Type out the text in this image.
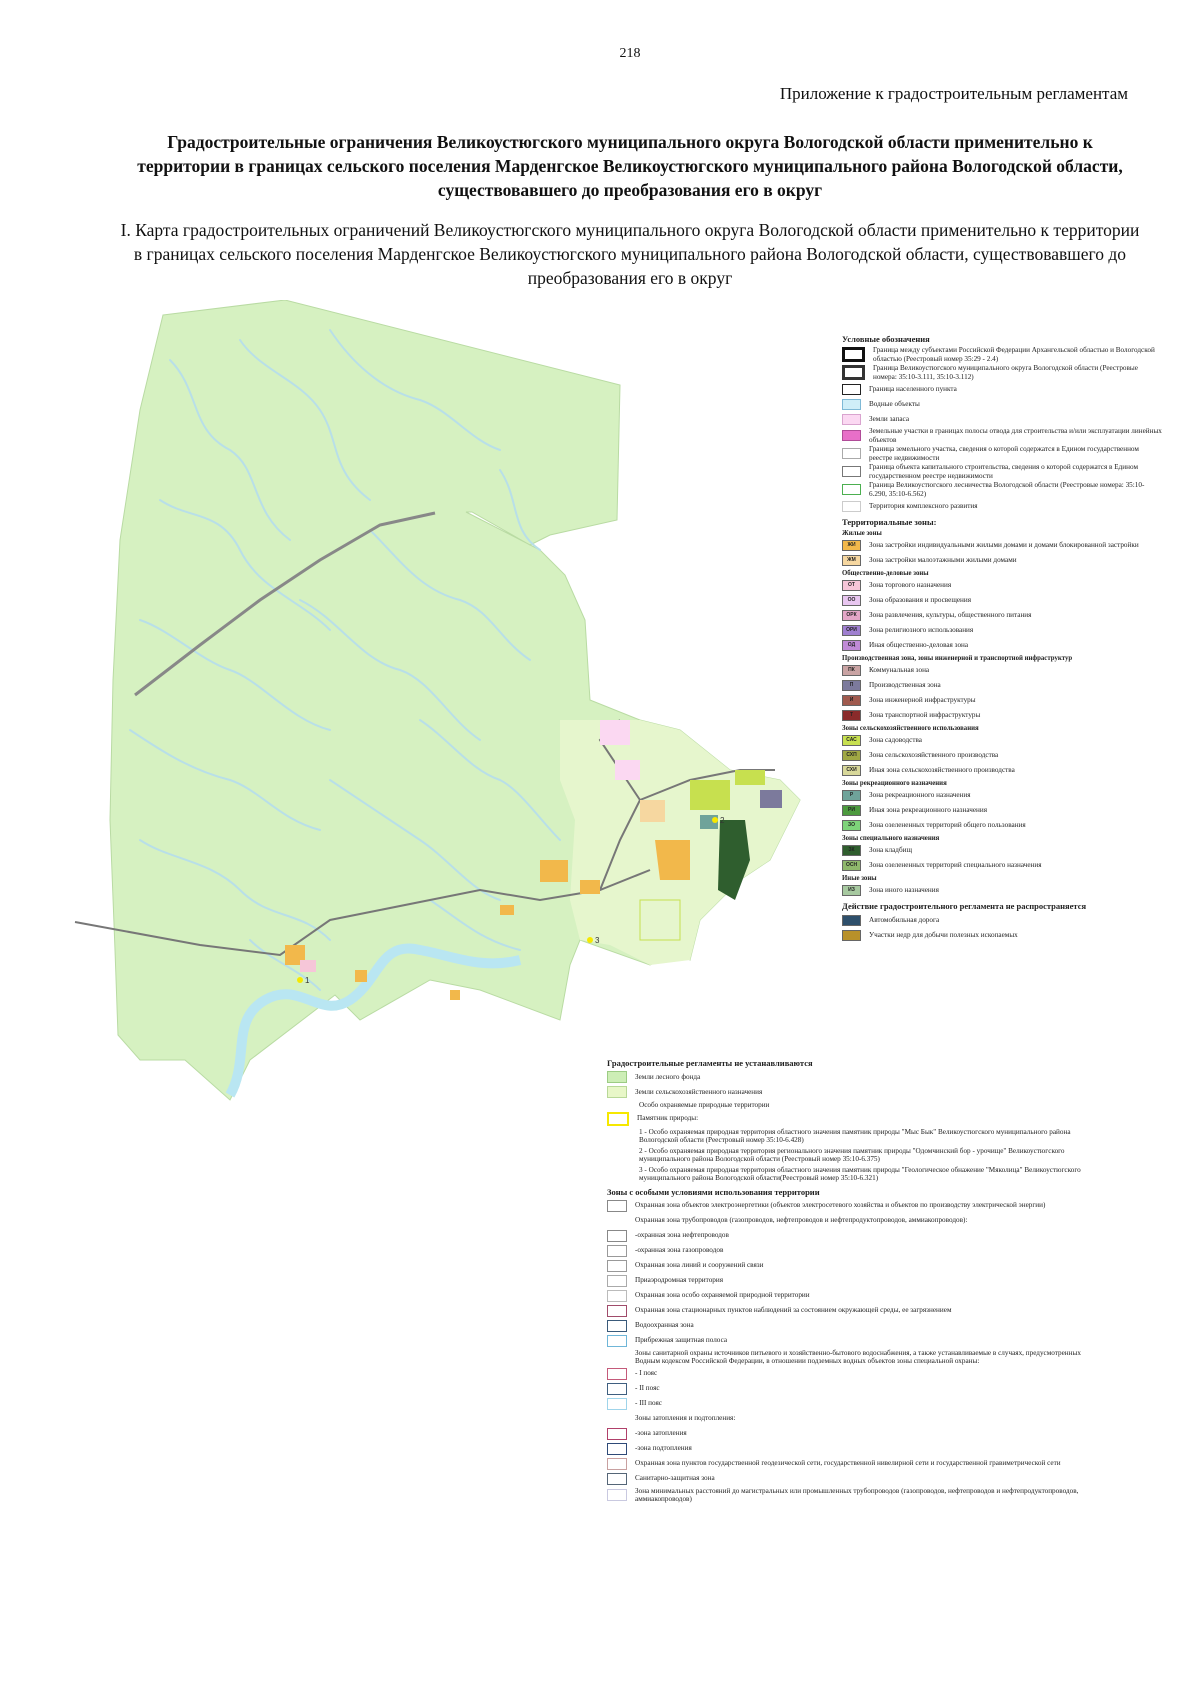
218
Приложение к градостроительным регламентам
Градостроительные ограничения Великоустюгского муниципального округа Вологодской области применительно к территории в границах сельского поселения Марденгское Великоустюгского муниципального района Вологодской области, существовавшего до преобразования его в округ
I. Карта градостроительных ограничений Великоустюгского муниципального округа Вологодской области применительно к территории в границах сельского поселения Марденгское Великоустюгского муниципального района Вологодской области, существовавшего до преобразования его в округ
1
2
3
Условные обозначения
Граница между субъектами Российской Федерации Архангельской областью и Вологодской областью (Реестровый номер 35:29 - 2.4)
Граница Великоустюгского муниципального округа Вологодской области (Реестровые номера: 35:10-3.111, 35:10-3.112)
Граница населенного пункта
Водные объекты
Земли запаса
Земельные участки в границах полосы отвода для строительства и/или эксплуатации линейных объектов
Граница земельного участка, сведения о которой содержатся в Едином государственном реестре недвижимости
Граница объекта капитального строительства, сведения о которой содержатся в Едином государственном реестре недвижимости
Граница Великоустюгского лесничества Вологодской области (Реестровые номера: 35:10-6.290, 35:10-6.562)
Территория комплексного развития
Территориальные зоны:
Жилые зоны
ЖИ	Зона застройки индивидуальными жилыми домами и домами блокированной застройки
ЖМ	Зона застройки малоэтажными жилыми домами
Общественно-деловые зоны
ОТ	Зона торгового назначения
ОО	Зона образования и просвещения
ОРК	Зона развлечения, культуры, общественного питания
ОРИ	Зона религиозного использования
ОД	Иная общественно-деловая зона
Производственная зона, зоны инженерной и транспортной инфраструктур
ПК	Коммунальная зона
П	Производственная зона
И	Зона инженерной инфраструктуры
Т	Зона транспортной инфраструктуры
Зоны сельскохозяйственного использования
САС	Зона садоводства
СХП	Зона сельскохозяйственного производства
СХИ	Иная зона сельскохозяйственного производства
Зоны рекреационного назначения
Р	Зона рекреационного назначения
РИ	Иная зона рекреационного назначения
ЗО	Зона озелененных территорий общего пользования
Зоны специального назначения
ЗК	Зона кладбищ
ОСН	Зона озелененных территорий специального назначения
Иные зоны
ИЗ	Зона иного назначения
Действие градостроительного регламента не распространяется
Автомобильная дорога
Участки недр для добычи полезных ископаемых
Градостроительные регламенты не устанавливаются
Земли лесного фонда
Земли сельскохозяйственного назначения
Особо охраняемые природные территории
Памятник природы:
1 - Особо охраняемая природная территория областного значения памятник природы "Мыс Бык" Великоустюгского муниципального района Вологодской области (Реестровый номер 35:10-6.428)
2 - Особо охраняемая природная территория регионального значения памятник природы "Одомчинский бор - урочище" Великоустюгского муниципального района Вологодской области (Реестровый номер 35:10-6.375)
3 - Особо охраняемая природная территория областного значения памятник природы "Геологическое обнажение "Мяколица" Великоустюгского муниципального района Вологодской области(Реестровый номер 35:10-6.321)
Зоны с особыми условиями использования территории
Охранная зона объектов электроэнергетики (объектов электросетевого хозяйства и объектов по производству электрической энергии)
Охранная зона трубопроводов (газопроводов, нефтепроводов и нефтепродуктопроводов, аммиакопроводов):
-охранная зона нефтепроводов
-охранная зона газопроводов
Охранная зона линий и сооружений связи
Приаэродромная территория
Охранная зона особо охраняемой природной территории
Охранная зона стационарных пунктов наблюдений за состоянием окружающей среды, ее загрязнением
Водоохранная зона
Прибрежная защитная полоса
Зоны санитарной охраны источников питьевого и хозяйственно-бытового водоснабжения, а также устанавливаемые в случаях, предусмотренных Водным кодексом Российской Федерации, в отношении подземных водных объектов зоны специальной охраны:
- I пояс
- II пояс
- III пояс
Зоны затопления и подтопления:
-зона затопления
-зона подтопления
Охранная зона пунктов государственной геодезической сети, государственной нивелирной сети и государственной гравиметрической сети
Санитарно-защитная зона
Зона минимальных расстояний до магистральных или промышленных трубопроводов (газопроводов, нефтепроводов и нефтепродуктопроводов, аммиакопроводов)
